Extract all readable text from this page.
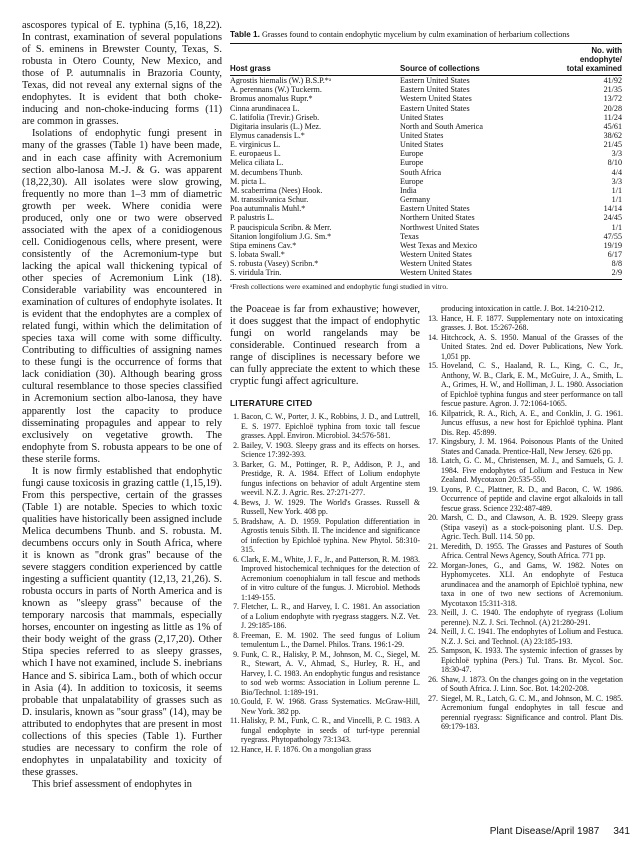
ascospores typical of E. typhina (5,16, 18,22). In contrast, examination of several populations of S. eminens in Brewster County, Texas, S. robusta in Otero County, New Mexico, and those of P. autumnalis in Brazoria County, Texas, did not reveal any external signs of the endophytes. It is evident that both choke-inducing and non-choke-inducing forms (11) are common in grasses.

Isolations of endophytic fungi present in many of the grasses (Table 1) have been made, and in each case affinity with Acremonium section albo-lanosa M.-J. & G. was apparent (18,22,30). All isolates were slow growing, frequently no more than 1–3 mm of diametric growth per week. Where conidia were produced, only one or two were observed associated with the apex of a conidiogenous cell. Conidiogenous cells, where present, were consistently of the Acremonium-type but lacking the apical wall thickening typical of other species of Acremonium Link (18). Considerable variability was encountered in examination of cultures of endophyte isolates. It is evident that the endophytes are a complex of related fungi, within which the delimitation of species taxa will come with some difficulty. Contributing to difficulties of assigning names to these fungi is the occurrence of forms that lack conidiation (30). Although bearing gross cultural resemblance to those species classified in Acremonium section albo-lanosa, they have apparently lost the capacity to produce disseminating propagules and appear to rely exclusively on vegetative growth. The endophyte from S. robusta appears to be one of these sterile forms.

It is now firmly established that endophytic fungi cause toxicosis in grazing cattle (1,15,19). From this perspective, certain of the grasses (Table 1) are notable. Species to which toxic qualities have historically been assigned include Melica decumbens Thunb. and S. robusta. M. decumbens occurs only in South Africa, where it is known as "dronk gras" because of the severe staggers condition experienced by cattle ingesting a sufficient quantity (12,13, 21,26). S. robusta occurs in parts of North America and is known as "sleepy grass" because of the temporary narcosis that mammals, especially horses, encounter on ingesting as little as 1% of their body weight of the grass (2,17,20). Other Stipa species referred to as sleepy grasses, which I have not examined, include S. inebrians Hance and S. sibirica Lam., both of which occur in Asia (4). In addition to toxicosis, it seems probable that unpalatability of grasses such as D. insularis, known as "sour grass" (14), may be attributed to endophytes that are present in most collections of this species (Table 1). Further studies are necessary to confirm the role of endophytes in unpalatability and toxicity of these grasses.

This brief assessment of endophytes in

Table 1. Grasses found to contain endophytic mycelium by culm examination of herbarium collections
Host grass	Source of collections	No. with endophyte/ total examined
Agrostis hiemalis (W.) B.S.P.*ᵃ	Eastern United States	41/92
A. perennans (W.) Tuckerm.	Eastern United States	21/35
Bromus anomalus Rupr.*	Western United States	13/72
Cinna arundinacea L.	Eastern United States	20/28
C. latifolia (Trevir.) Griseb.	United States	11/24
Digitaria insularis (L.) Mez.	North and South America	45/61
Elymus canadensis L.*	United States	38/62
E. virginicus L.	United States	21/45
E. europaeus L.	Europe	3/3
Melica ciliata L.	Europe	8/10
M. decumbens Thunb.	South Africa	4/4
M. picta L.	Europe	3/3
M. scaberrima (Nees) Hook.	India	1/1
M. transsilvanica Schur.	Germany	1/1
Poa autumnalis Muhl.*	Eastern United States	14/14
P. palustris L.	Northern United States	24/45
P. paucispicula Scribn. & Merr.	Northwest United States	1/1
Sitanion longifolium J.G. Sm.*	Texas	47/55
Stipa eminens Cav.*	West Texas and Mexico	19/19
S. lobata Swall.*	Western United States	6/17
S. robusta (Vasey) Scribn.*	Western United States	8/8
S. viridula Trin.	Western United States	2/9
ᵃFresh collections were examined and endophytic fungi studied in vitro.

the Poaceae is far from exhaustive; however, it does suggest that the impact of endophytic fungi on world rangelands may be considerable. Continued research from a range of disciplines is necessary before we can fully appreciate the extent to which these cryptic fungi affect agriculture.

LITERATURE CITED
1. Bacon, C. W., Porter, J. K., Robbins, J. D., and Luttrell, E. S. 1977. Epichloë typhina from toxic tall fescue grasses. Appl. Environ. Microbiol. 34:576-581.
2. Bailey, V. 1903. Sleepy grass and its effects on horses. Science 17:392-393.
3. Barker, G. M., Pottinger, R. P., Addison, P. J., and Prestidge, R. A. 1984. Effect of Lolium endophyte fungus infections on behavior of adult Argentine stem weevil. N.Z. J. Agric. Res. 27:271-277.
4. Bews, J. W. 1929. The World's Grasses. Russell & Russell, New York. 408 pp.
5. Bradshaw, A. D. 1959. Population differentiation in Agrostis tenuis Sibth. II. The incidence and significance of infection by Epichloë typhina. New Phytol. 58:310-315.
6. Clark, E. M., White, J. F., Jr., and Patterson, R. M. 1983. Improved histochemical techniques for the detection of Acremonium coenophialum in tall fescue and methods of in vitro culture of the fungus. J. Microbiol. Methods 1:149-155.
7. Fletcher, L. R., and Harvey, I. C. 1981. An association of a Lolium endophyte with ryegrass staggers. N.Z. Vet. J. 29:185-186.
8. Freeman, E. M. 1902. The seed fungus of Lolium temulentum L., the Darnel. Philos. Trans. 196:1-29.
9. Funk, C. R., Halisky, P. M., Johnson, M. C., Siegel, M. R., Stewart, A. V., Ahmad, S., Hurley, R. H., and Harvey, I. C. 1983. An endophytic fungus and resistance to sod web worms: Association in Lolium perenne L. Bio/Technol. 1:189-191.
10. Gould, F. W. 1968. Grass Systematics. McGraw-Hill, New York. 382 pp.
11. Halisky, P. M., Funk, C. R., and Vincelli, P. C. 1983. A fungal endophyte in seeds of turf-type perennial ryegrass. Phytopathology 73:1343.
12. Hance, H. F. 1876. On a mongolian grass
producing intoxication in cattle. J. Bot. 14:210-212.
13. Hance, H. F. 1877. Supplementary note on intoxicating grasses. J. Bot. 15:267-268.
14. Hitchcock, A. S. 1950. Manual of the Grasses of the United States. 2nd ed. Dover Publications, New York. 1,051 pp.
15. Hoveland, C. S., Haaland, R. L., King, C. C., Jr., Anthony, W. B., Clark, E. M., McGuire, J. A., Smith, L. A., Grimes, H. W., and Holliman, J. L. 1980. Association of Epichloë typhina fungus and steer performance on tall fescue pasture. Agron. J. 72:1064-1065.
16. Kilpatrick, R. A., Rich, A. E., and Conklin, J. G. 1961. Juncus effusus, a new host for Epichloë typhina. Plant Dis. Rep. 45:899.
17. Kingsbury, J. M. 1964. Poisonous Plants of the United States and Canada. Prentice-Hall, New Jersey. 626 pp.
18. Latch, G. C. M., Christensen, M. J., and Samuels, G. J. 1984. Five endophytes of Lolium and Festuca in New Zealand. Mycotaxon 20:535-550.
19. Lyons, P. C., Plattner, R. D., and Bacon, C. W. 1986. Occurrence of peptide and clavine ergot alkaloids in tall fescue grass. Science 232:487-489.
20. Marsh, C. D., and Clawson, A. B. 1929. Sleepy grass (Stipa vaseyi) as a stock-poisoning plant. U.S. Dep. Agric. Tech. Bull. 114. 50 pp.
21. Meredith, D. 1955. The Grasses and Pastures of South Africa. Central News Agency, South Africa. 771 pp.
22. Morgan-Jones, G., and Gams, W. 1982. Notes on Hyphomycetes. XLI. An endophyte of Festuca arundinacea and the anamorph of Epichloë typhina, new taxa in one of two new sections of Acremonium. Mycotaxon 15:311-318.
23. Neill, J. C. 1940. The endophyte of ryegrass (Lolium perenne). N.Z. J. Sci. Technol. (A) 21:280-291.
24. Neill, J. C. 1941. The endophytes of Lolium and Festuca. N.Z. J. Sci. and Technol. (A) 23:185-193.
25. Sampson, K. 1933. The systemic infection of grasses by Epichloë typhina (Pers.) Tul. Trans. Br. Mycol. Soc. 18:30-47.
26. Shaw, J. 1873. On the changes going on in the vegetation of South Africa. J. Linn. Soc. Bot. 14:202-208.
27. Siegel, M. R., Latch, G. C. M., and Johnson, M. C. 1985. Acremonium fungal endophytes in tall fescue and perennial ryegrass: Significance and control. Plant Dis. 69:179-183.
Plant Disease/April 1987 341
